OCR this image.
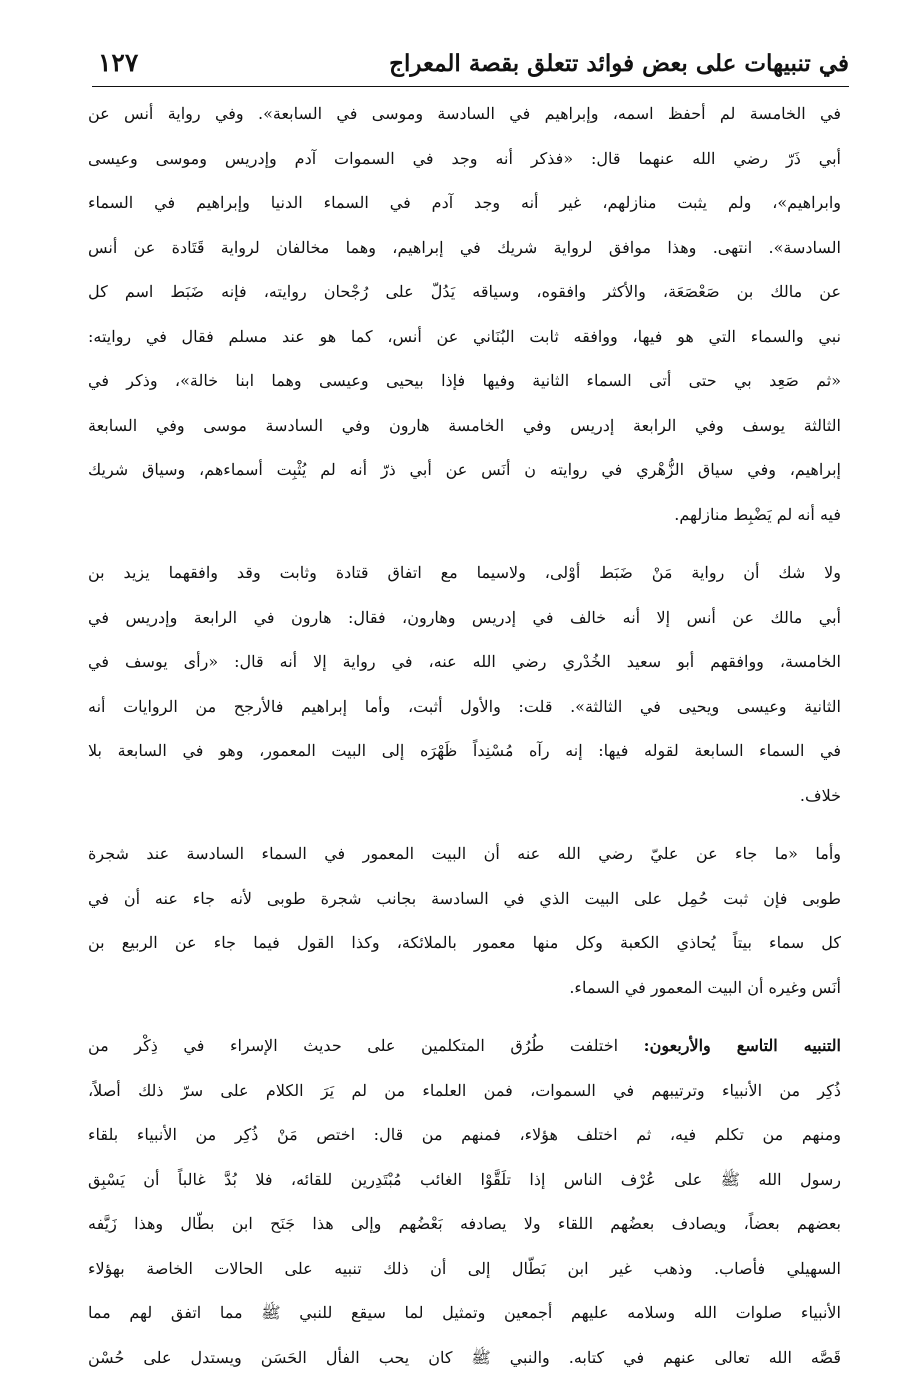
في تنبيهات على بعض فوائد تتعلق بقصة المعراج
١٢٧

في الخامسة لم أحفظ اسمه، وإبراهيم في السادسة وموسى في السابعة». وفي رواية أنس عن
أبي ذَرّ رضي الله عنهما قال: «فذكر أنه وجد في السموات آدم وإدريس وموسى وعيسى
وابراهيم»، ولم يثبت منازلهم، غير أنه وجد آدم في السماء الدنيا وإبراهيم في السماء
السادسة». انتهى. وهذا موافق لرواية شريك في إبراهيم، وهما مخالفان لرواية قَتَادة عن أنس
عن مالك بن صَعْصَعَة، والأكثر وافقوه، وسياقه يَدُلّ على رُجْحان روايته، فإنه ضَبَط اسم كل
نبي والسماء التي هو فيها، ووافقه ثابت البُنَاني عن أنس، كما هو عند مسلم فقال في روايته:
«ثم صَعِد بي حتى أتى السماء الثانية وفيها فإذا بيحيى وعيسى وهما ابنا خالة»، وذكر في
الثالثة يوسف وفي الرابعة إدريس وفي الخامسة هارون وفي السادسة موسى وفي السابعة
إبراهيم، وفي سياق الزُّهْري في روايته ن أنَس عن أبي ذرّ أنه لم يُثْبِت أسماءهم، وسياق شريك
فيه أنه لم يَضْبِط منازلهم.

ولا شك أن رواية مَنْ ضَبَط أوْلى، ولاسيما مع اتفاق قتادة وثابت وقد وافقهما يزيد بن
أبي مالك عن أنس إلا أنه خالف في إدريس وهارون، فقال: هارون في الرابعة وإدريس في
الخامسة، ووافقهم أبو سعيد الخُدْري رضي الله عنه، في رواية إلا أنه قال: «رأى يوسف في
الثانية وعيسى ويحيى في الثالثة». قلت: والأول أثبت، وأما إبراهيم فالأرجح من الروايات أنه
في السماء السابعة لقوله فيها: إنه رآه مُسْنِداً ظَهْرَه إلى البيت المعمور، وهو في السابعة بلا
خلاف.

وأما «ما جاء عن عليّ رضي الله عنه أن البيت المعمور في السماء السادسة عند شجرة
طوبى فإن ثبت حُمِل على البيت الذي في السادسة بجانب شجرة طوبى لأنه جاء عنه أن في
كل سماء بيتاً يُحاذي الكعبة وكل منها معمور بالملائكة، وكذا القول فيما جاء عن الربيع بن
أنَس وغيره أن البيت المعمور في السماء.

التنبيه التاسع والأربعون: اختلفت طُرُق المتكلمين على حديث الإسراء في ذِكْر من
ذُكِر من الأنبياء وترتيبهم في السموات، فمن العلماء من لم يَرَ الكلام على سرّ ذلك أصلاً،
ومنهم من تكلم فيه، ثم اختلف هؤلاء، فمنهم من قال: اختص مَنْ ذُكِر من الأنبياء بلقاء
رسول الله ﷺ على عُرْف الناس إذا تلَقَّوْا الغائب مُبْتَدِرين للقائه، فلا بُدَّ غالباً أن يَسْبِق
بعضهم بعضاً، ويصادف بعضُهم اللقاء ولا يصادفه بَعْضُهم وإلى هذا جَنَح ابن بطّال وهذا زَيَّفه
السهيلي فأصاب. وذهب غير ابن بَطّال إلى أن ذلك تنبيه على الحالات الخاصة بهؤلاء
الأنبياء صلوات الله وسلامه عليهم أجمعين وتمثيل لما سيقع للنبي ﷺ مما اتفق لهم مما
قَصَّه الله تعالى عنهم في كتابه. والنبي ﷺ كان يحب الفأل الحَسَن ويستدل على حُسْن
